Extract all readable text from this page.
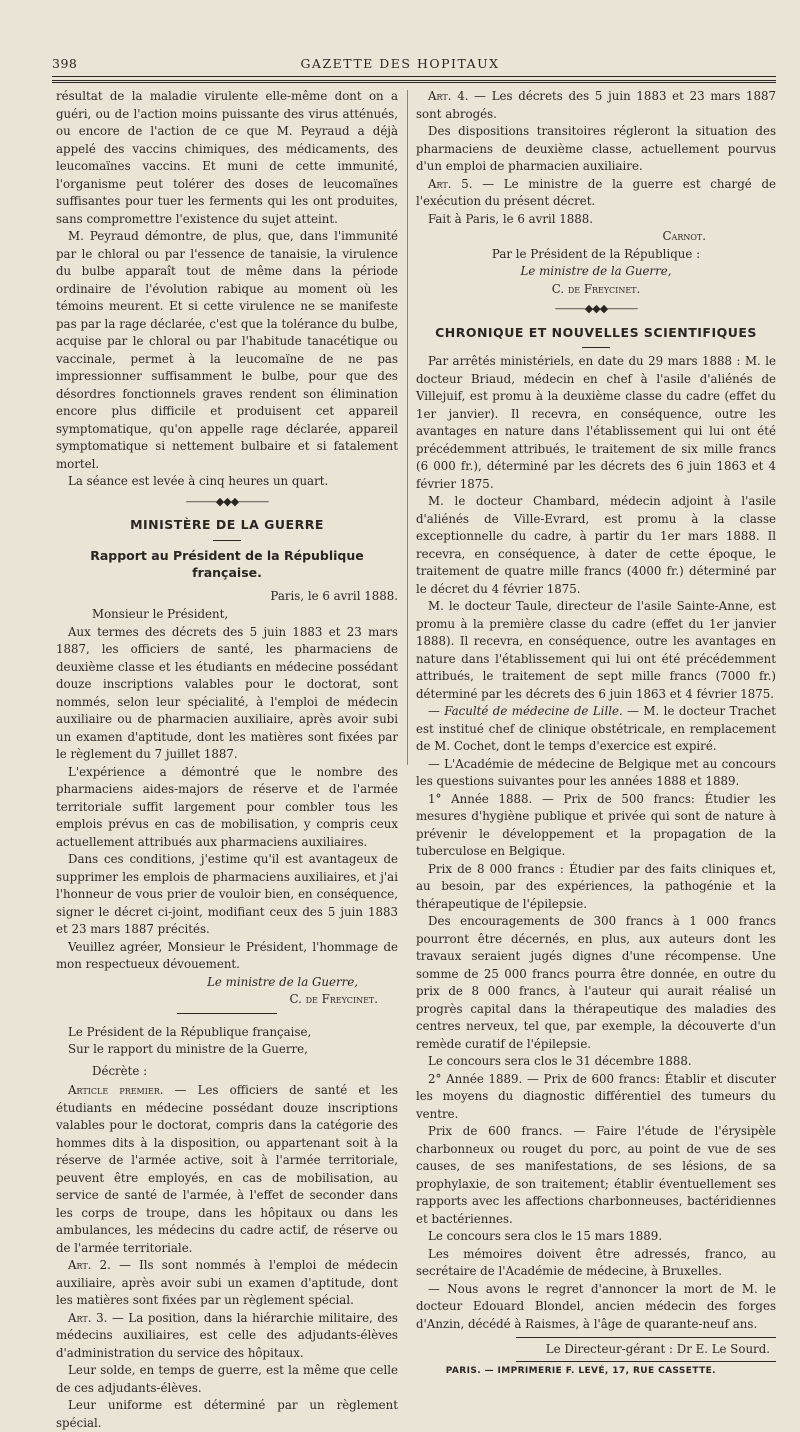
398	GAZETTE DES HOPITAUX

résultat de la maladie virulente elle-même dont on a guéri, ou de l'action moins puissante des virus atténués, ou encore de l'action de ce que M. Peyraud a déjà appelé des vaccins chimiques, des médicaments, des leucomaïnes vaccins. Et muni de cette immunité, l'organisme peut tolérer des doses de leucomaïnes suffisantes pour tuer les ferments qui les ont produites, sans compromettre l'existence du sujet atteint.

M. Peyraud démontre, de plus, que, dans l'immunité par le chloral ou par l'essence de tanaisie, la virulence du bulbe apparaît tout de même dans la période ordinaire de l'évolution rabique au moment où les témoins meurent. Et si cette virulence ne se manifeste pas par la rage déclarée, c'est que la tolérance du bulbe, acquise par le chloral ou par l'habitude tanacétique ou vaccinale, permet à la leucomaïne de ne pas impressionner suffisamment le bulbe, pour que des désordres fonctionnels graves rendent son élimination encore plus difficile et produisent cet appareil symptomatique, qu'on appelle rage déclarée, appareil symptomatique si nettement bulbaire et si fatalement mortel.

La séance est levée à cinq heures un quart.

———◆◆◆———
MINISTÈRE DE LA GUERRE
Rapport au Président de la République française.

Paris, le 6 avril 1888.

Monsieur le Président,

Aux termes des décrets des 5 juin 1883 et 23 mars 1887, les officiers de santé, les pharmaciens de deuxième classe et les étudiants en médecine possédant douze inscriptions valables pour le doctorat, sont nommés, selon leur spécialité, à l'emploi de médecin auxiliaire ou de pharmacien auxiliaire, après avoir subi un examen d'aptitude, dont les matières sont fixées par le règlement du 7 juillet 1887.

L'expérience a démontré que le nombre des pharmaciens aides-majors de réserve et de l'armée territoriale suffit largement pour combler tous les emplois prévus en cas de mobilisation, y compris ceux actuellement attribués aux pharmaciens auxiliaires.

Dans ces conditions, j'estime qu'il est avantageux de supprimer les emplois de pharmaciens auxiliaires, et j'ai l'honneur de vous prier de vouloir bien, en conséquence, signer le décret ci-joint, modifiant ceux des 5 juin 1883 et 23 mars 1887 précités.

Veuillez agréer, Monsieur le Président, l'hommage de mon respectueux dévouement.

Le ministre de la Guerre,

C. de Freycinet.

Le Président de la République française,

Sur le rapport du ministre de la Guerre,

Décrète :

Article premier. — Les officiers de santé et les étudiants en médecine possédant douze inscriptions valables pour le doctorat, compris dans la catégorie des hommes dits à la disposition, ou appartenant soit à la réserve de l'armée active, soit à l'armée territoriale, peuvent être employés, en cas de mobilisation, au service de santé de l'armée, à l'effet de seconder dans les corps de troupe, dans les hôpitaux ou dans les ambulances, les médecins du cadre actif, de réserve ou de l'armée territoriale.

Art. 2. — Ils sont nommés à l'emploi de médecin auxiliaire, après avoir subi un examen d'aptitude, dont les matières sont fixées par un règlement spécial.

Art. 3. — La position, dans la hiérarchie militaire, des médecins auxiliaires, est celle des adjudants-élèves d'administration du service des hôpitaux.

Leur solde, en temps de guerre, est la même que celle de ces adjudants-élèves.

Leur uniforme est déterminé par un règlement spécial.

Art. 4. — Les décrets des 5 juin 1883 et 23 mars 1887 sont abrogés.

Des dispositions transitoires régleront la situation des pharmaciens de deuxième classe, actuellement pourvus d'un emploi de pharmacien auxiliaire.

Art. 5. — Le ministre de la guerre est chargé de l'exécution du présent décret.

Fait à Paris, le 6 avril 1888.

Carnot.

Par le Président de la République :

Le ministre de la Guerre,

C. de Freycinet.

———◆◆◆———
CHRONIQUE ET NOUVELLES SCIENTIFIQUES

Par arrêtés ministériels, en date du 29 mars 1888 : M. le docteur Briaud, médecin en chef à l'asile d'aliénés de Villejuif, est promu à la deuxième classe du cadre (effet du 1er janvier). Il recevra, en conséquence, outre les avantages en nature dans l'établissement qui lui ont été précédemment attribués, le traitement de six mille francs (6 000 fr.), déterminé par les décrets des 6 juin 1863 et 4 février 1875.

M. le docteur Chambard, médecin adjoint à l'asile d'aliénés de Ville-Evrard, est promu à la classe exceptionnelle du cadre, à partir du 1er mars 1888. Il recevra, en conséquence, à dater de cette époque, le traitement de quatre mille francs (4000 fr.) déterminé par le décret du 4 février 1875.

M. le docteur Taule, directeur de l'asile Sainte-Anne, est promu à la première classe du cadre (effet du 1er janvier 1888). Il recevra, en conséquence, outre les avantages en nature dans l'établissement qui lui ont été précédemment attribués, le traitement de sept mille francs (7000 fr.) déterminé par les décrets des 6 juin 1863 et 4 février 1875.

— Faculté de médecine de Lille. — M. le docteur Trachet est institué chef de clinique obstétricale, en remplacement de M. Cochet, dont le temps d'exercice est expiré.

— L'Académie de médecine de Belgique met au concours les questions suivantes pour les années 1888 et 1889.

1° Année 1888. — Prix de 500 francs: Étudier les mesures d'hygiène publique et privée qui sont de nature à prévenir le développement et la propagation de la tuberculose en Belgique.

Prix de 8 000 francs : Étudier par des faits cliniques et, au besoin, par des expériences, la pathogénie et la thérapeutique de l'épilepsie.

Des encouragements de 300 francs à 1 000 francs pourront être décernés, en plus, aux auteurs dont les travaux seraient jugés dignes d'une récompense. Une somme de 25 000 francs pourra être donnée, en outre du prix de 8 000 francs, à l'auteur qui aurait réalisé un progrès capital dans la thérapeutique des maladies des centres nerveux, tel que, par exemple, la découverte d'un remède curatif de l'épilepsie.

Le concours sera clos le 31 décembre 1888.

2° Année 1889. — Prix de 600 francs: Établir et discuter les moyens du diagnostic différentiel des tumeurs du ventre.

Prix de 600 francs. — Faire l'étude de l'érysipèle charbonneux ou rouget du porc, au point de vue de ses causes, de ses manifestations, de ses lésions, de sa prophylaxie, de son traitement; établir éventuellement ses rapports avec les affections charbonneuses, bactéridiennes et bactériennes.

Le concours sera clos le 15 mars 1889.

Les mémoires doivent être adressés, franco, au secrétaire de l'Académie de médecine, à Bruxelles.

— Nous avons le regret d'annoncer la mort de M. le docteur Edouard Blondel, ancien médecin des forges d'Anzin, décédé à Raismes, à l'âge de quarante-neuf ans.

Le Directeur-gérant : Dr E. Le Sourd.

PARIS. — IMPRIMERIE F. LEVÉ, 17, RUE CASSETTE.
